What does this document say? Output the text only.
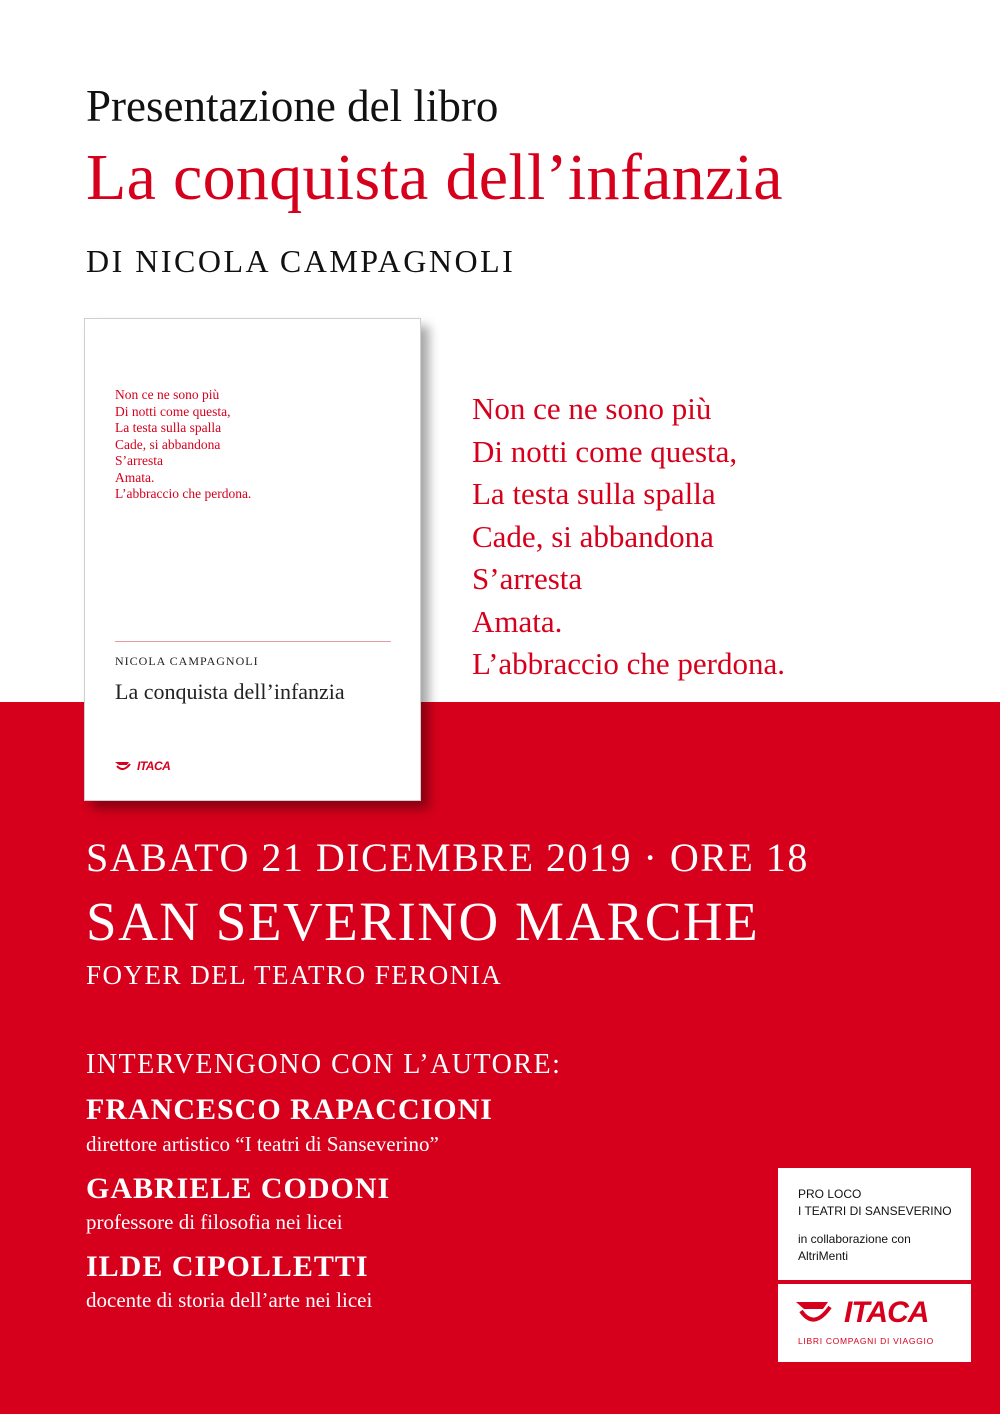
Presentazione del libro
La conquista dell’infanzia
DI NICOLA CAMPAGNOLI
Non ce ne sono più
Di notti come questa,
La testa sulla spalla
Cade, si abbandona
S’arresta
Amata.
L’abbraccio che perdona.
NICOLA CAMPAGNOLI
La conquista dell’infanzia
ITACA
Non ce ne sono più
Di notti come questa,
La testa sulla spalla
Cade, si abbandona
S’arresta
Amata.
L’abbraccio che perdona.
SABATO 21 DICEMBRE 2019 · ORE 18
SAN SEVERINO MARCHE
FOYER DEL TEATRO FERONIA
INTERVENGONO CON L’AUTORE:
FRANCESCO RAPACCIONI
direttore artistico “I teatri di Sanseverino”
GABRIELE CODONI
professore di filosofia nei licei
ILDE CIPOLLETTI
docente di storia dell’arte nei licei
PRO LOCO
I TEATRI DI SANSEVERINO
in collaborazione con
AltriMenti
ITACA
LIBRI COMPAGNI DI VIAGGIO
